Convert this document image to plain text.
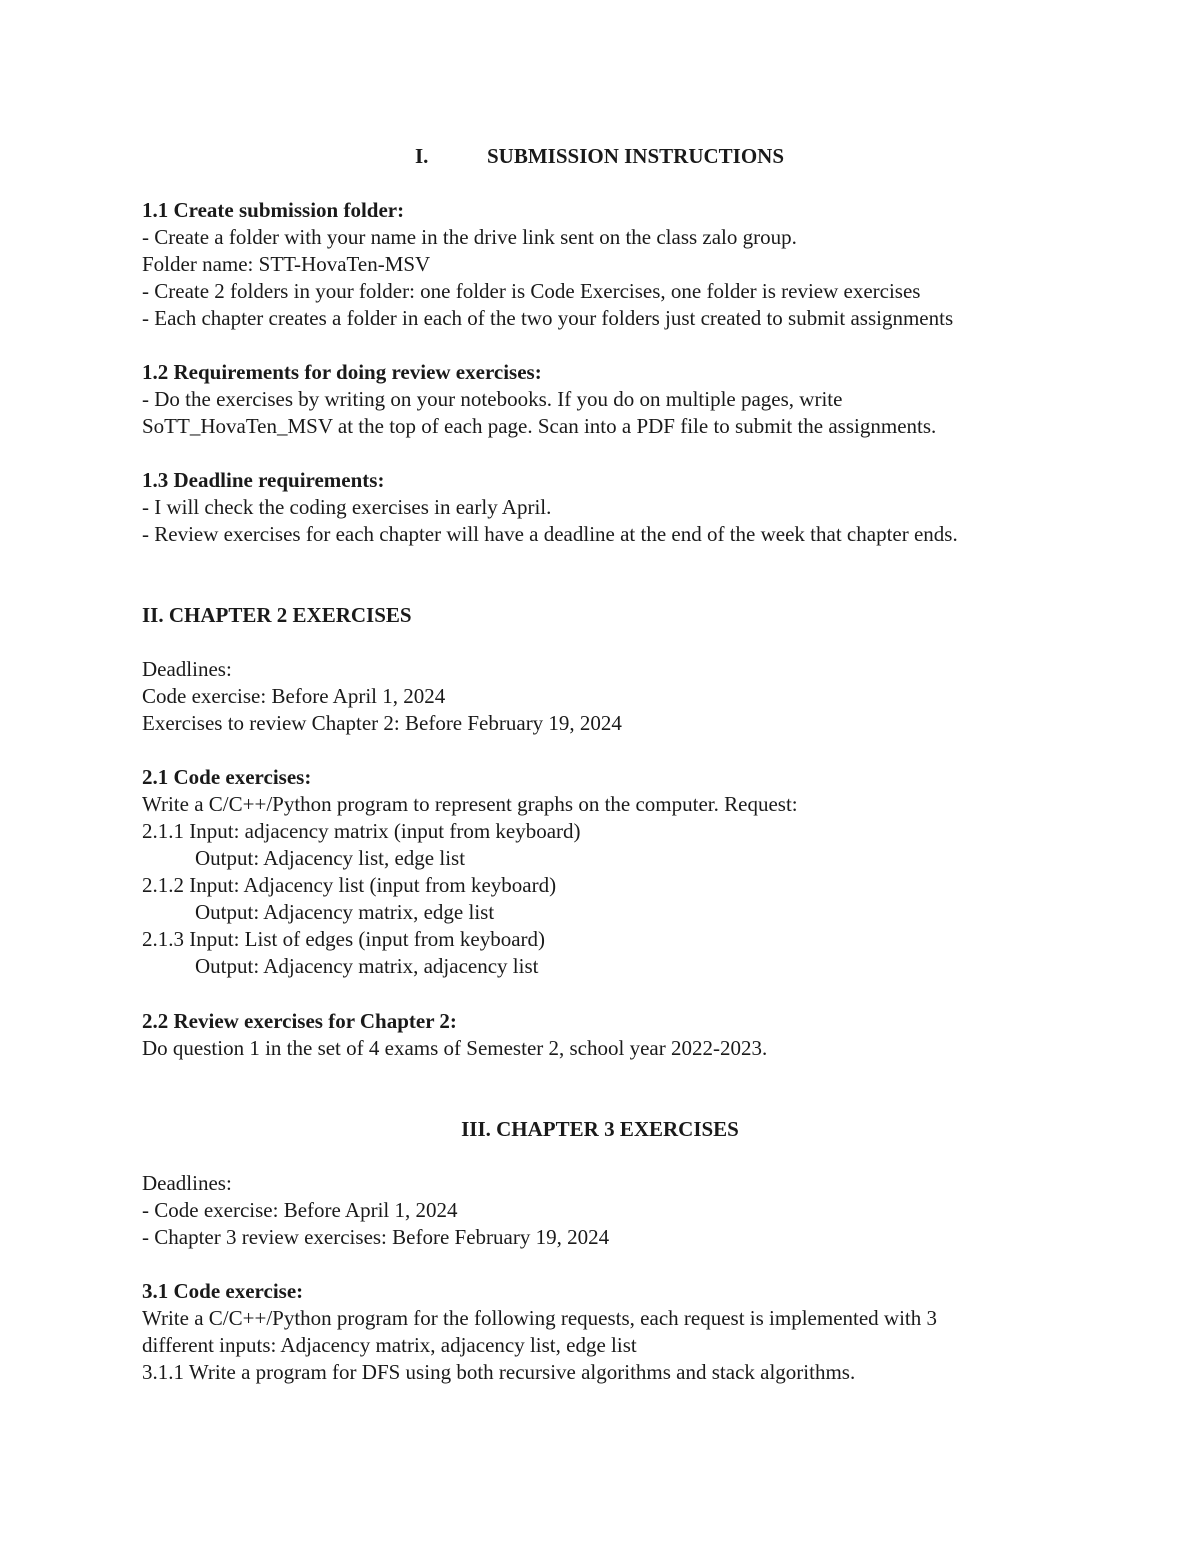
I.	SUBMISSION INSTRUCTIONS
1.1 Create submission folder:
- Create a folder with your name in the drive link sent on the class zalo group.
Folder name: STT-HovaTen-MSV
- Create 2 folders in your folder: one folder is Code Exercises, one folder is review exercises
- Each chapter creates a folder in each of the two your folders just created to submit assignments
1.2 Requirements for doing review exercises:
- Do the exercises by writing on your notebooks. If you do on multiple pages, write
SoTT_HovaTen_MSV at the top of each page. Scan into a PDF file to submit the assignments.
1.3 Deadline requirements:
- I will check the coding exercises in early April.
- Review exercises for each chapter will have a deadline at the end of the week that chapter ends.
II. CHAPTER 2 EXERCISES
Deadlines:
Code exercise: Before April 1, 2024
Exercises to review Chapter 2: Before February 19, 2024
2.1 Code exercises:
Write a C/C++/Python program to represent graphs on the computer. Request:
2.1.1 Input: adjacency matrix (input from keyboard)
Output: Adjacency list, edge list
2.1.2 Input: Adjacency list (input from keyboard)
Output: Adjacency matrix, edge list
2.1.3 Input: List of edges (input from keyboard)
Output: Adjacency matrix, adjacency list
2.2 Review exercises for Chapter 2:
Do question 1 in the set of 4 exams of Semester 2, school year 2022-2023.
III. CHAPTER 3 EXERCISES
Deadlines:
- Code exercise: Before April 1, 2024
- Chapter 3 review exercises: Before February 19, 2024
3.1 Code exercise:
Write a C/C++/Python program for the following requests, each request is implemented with 3
different inputs: Adjacency matrix, adjacency list, edge list
3.1.1 Write a program for DFS using both recursive algorithms and stack algorithms.
